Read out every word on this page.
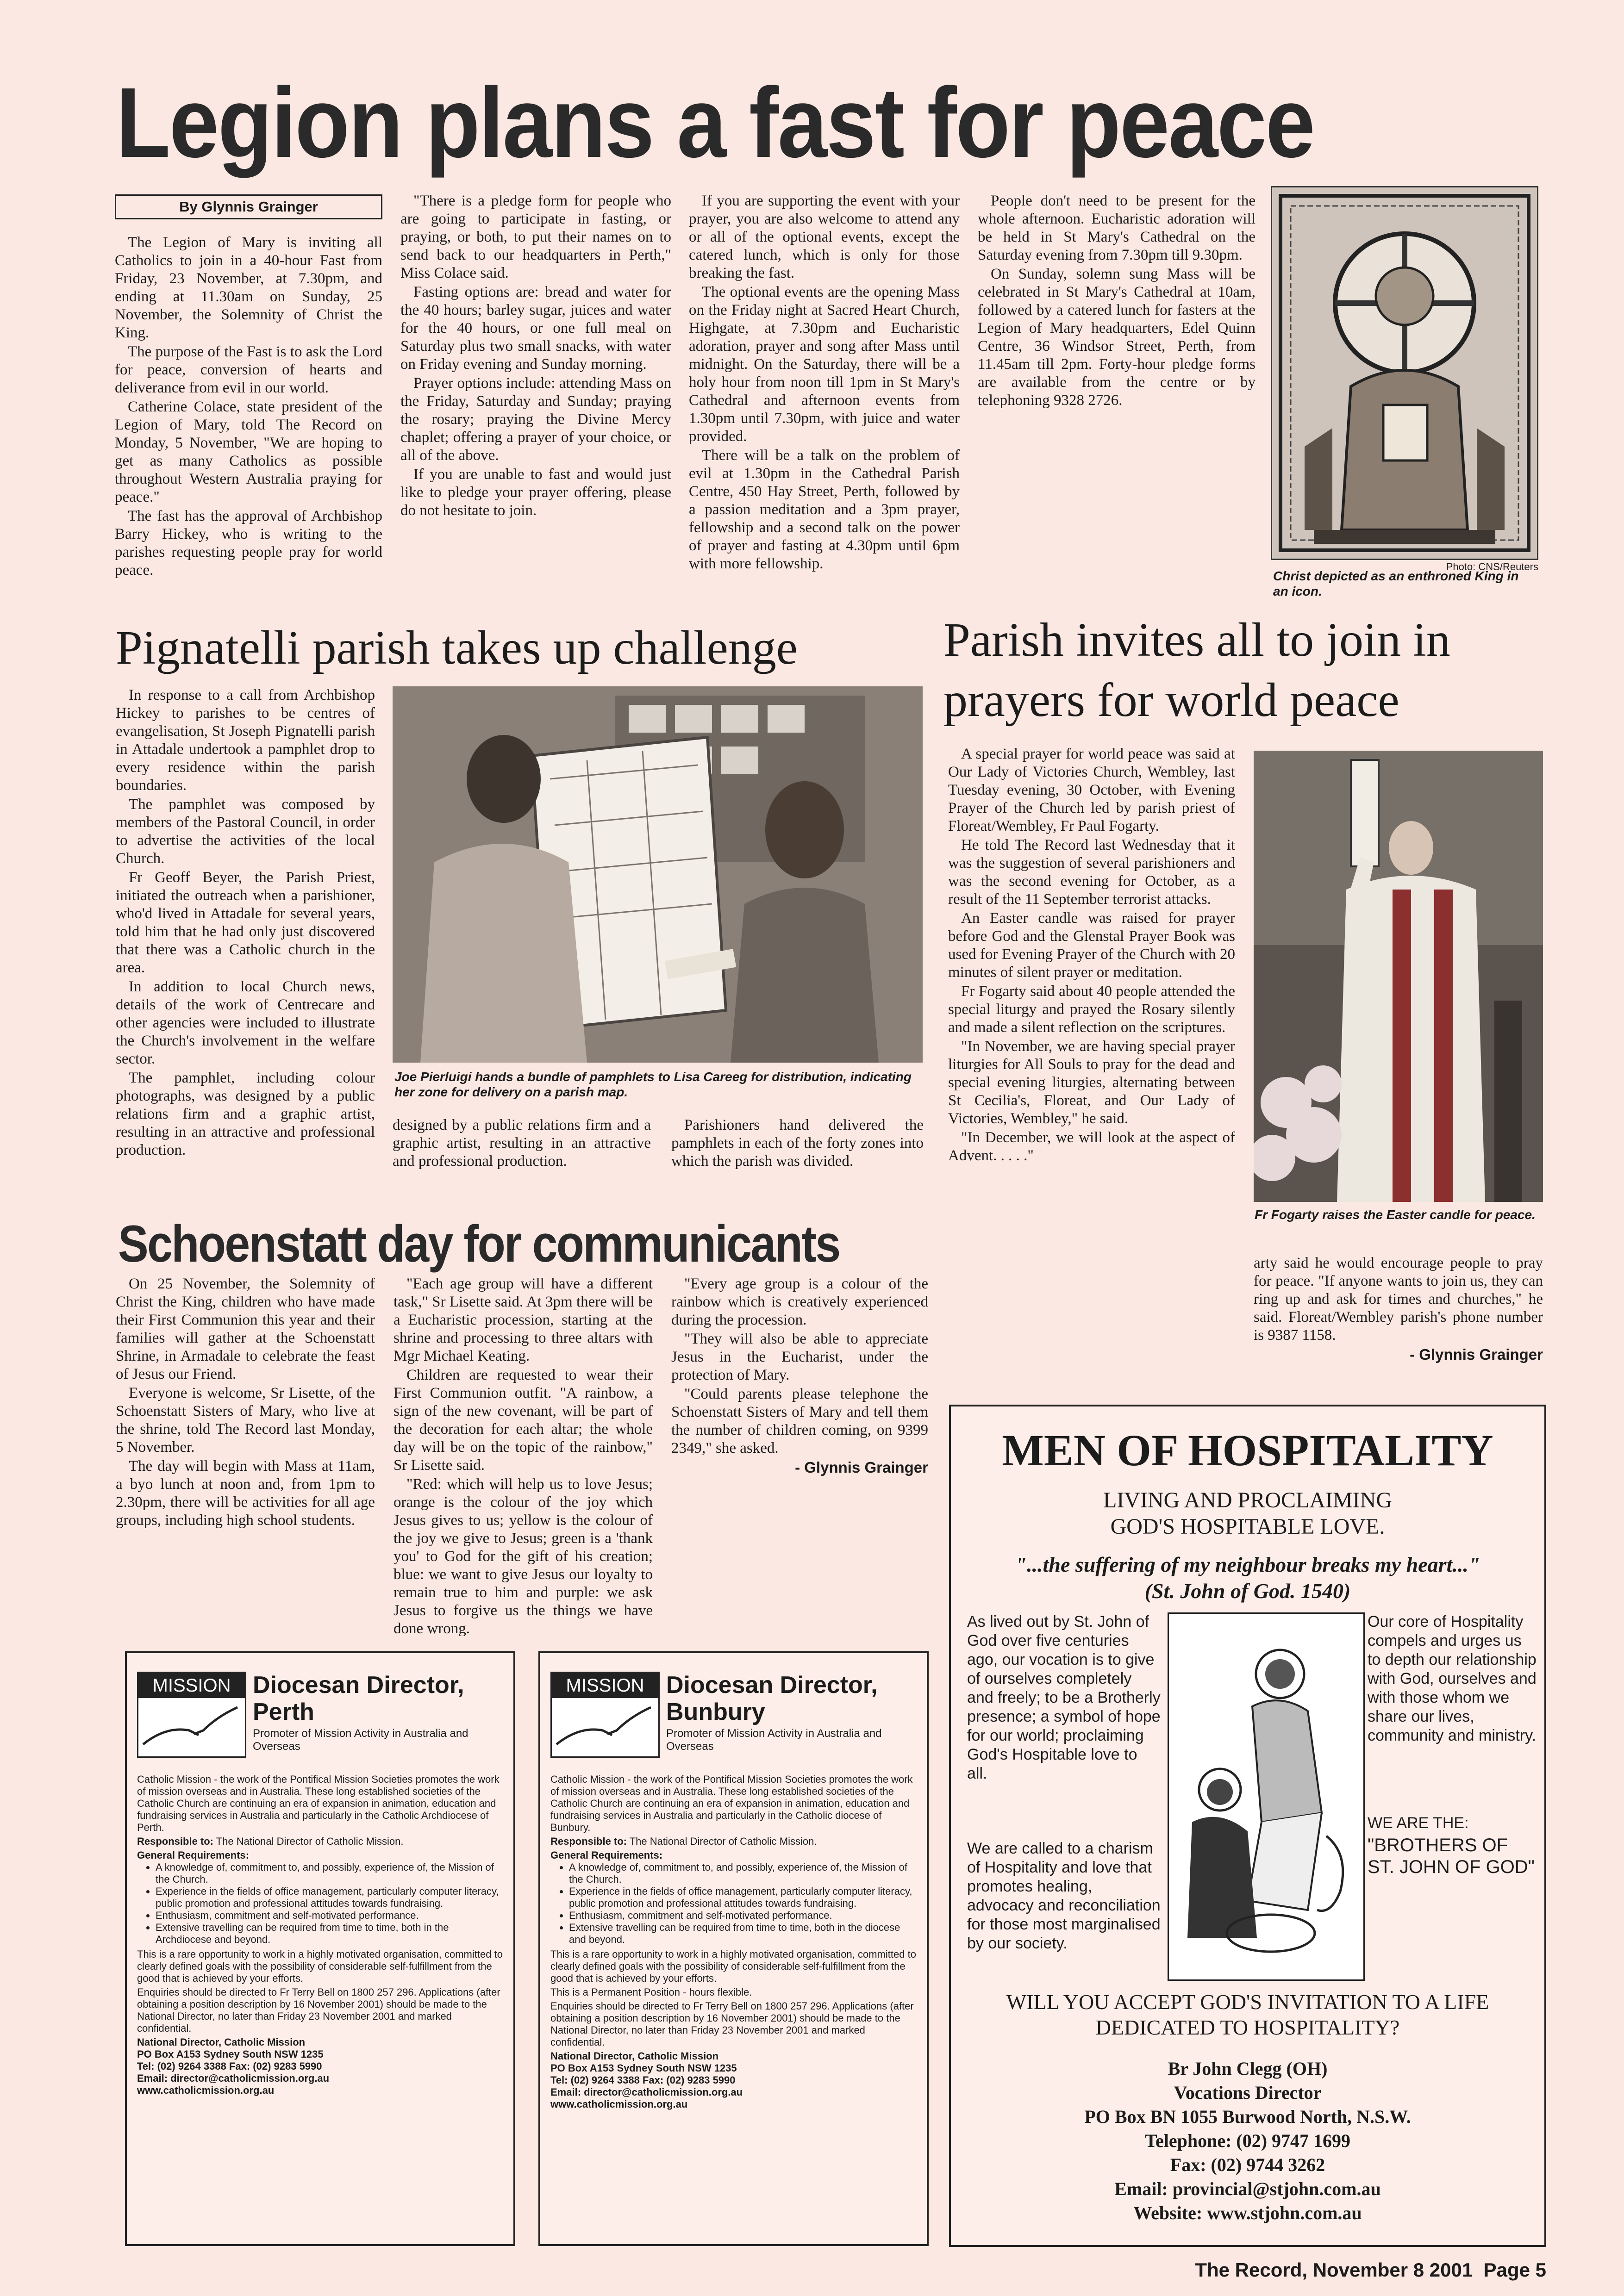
Legion plans a fast for peace
By Glynnis Grainger

The Legion of Mary is inviting all Catholics to join in a 40-hour Fast from Friday, 23 November, at 7.30pm, and ending at 11.30am on Sunday, 25 November, the Solemnity of Christ the King.

The purpose of the Fast is to ask the Lord for peace, conversion of hearts and deliverance from evil in our world.

Catherine Colace, state president of the Legion of Mary, told The Record on Monday, 5 November, "We are hoping to get as many Catholics as possible throughout Western Australia praying for peace."

The fast has the approval of Archbishop Barry Hickey, who is writing to the parishes requesting people pray for world peace.

"There is a pledge form for people who are going to participate in fasting, or praying, or both, to put their names on to send back to our headquarters in Perth," Miss Colace said.

Fasting options are: bread and water for the 40 hours; barley sugar, juices and water for the 40 hours, or one full meal on Saturday plus two small snacks, with water on Friday evening and Sunday morning.

Prayer options include: attending Mass on the Friday, Saturday and Sunday; praying the rosary; praying the Divine Mercy chaplet; offering a prayer of your choice, or all of the above.

If you are unable to fast and would just like to pledge your prayer offering, please do not hesitate to join.

If you are supporting the event with your prayer, you are also welcome to attend any or all of the optional events, except the catered lunch, which is only for those breaking the fast.

The optional events are the opening Mass on the Friday night at Sacred Heart Church, Highgate, at 7.30pm and Eucharistic adoration, prayer and song after Mass until midnight. On the Saturday, there will be a holy hour from noon till 1pm in St Mary's Cathedral and afternoon events from 1.30pm until 7.30pm, with juice and water provided.

There will be a talk on the problem of evil at 1.30pm in the Cathedral Parish Centre, 450 Hay Street, Perth, followed by a passion meditation and a 3pm prayer, fellowship and a second talk on the power of prayer and fasting at 4.30pm until 6pm with more fellowship.

People don't need to be present for the whole afternoon. Eucharistic adoration will be held in St Mary's Cathedral on the Saturday evening from 7.30pm till 9.30pm.

On Sunday, solemn sung Mass will be celebrated in St Mary's Cathedral at 10am, followed by a catered lunch for fasters at the Legion of Mary headquarters, Edel Quinn Centre, 36 Windsor Street, Perth, from 11.45am till 2pm. Forty-hour pledge forms are available from the centre or by telephoning 9328 2726.

Photo: CNS/Reuters
Christ depicted as an enthroned King in an icon.
Pignatelli parish takes up challenge

In response to a call from Archbishop Hickey to parishes to be centres of evangelisation, St Joseph Pignatelli parish in Attadale undertook a pamphlet drop to every residence within the parish boundaries.

The pamphlet was composed by members of the Pastoral Council, in order to advertise the activities of the local Church.

Fr Geoff Beyer, the Parish Priest, initiated the outreach when a parishioner, who'd lived in Attadale for several years, told him that he had only just discovered that there was a Catholic church in the area.

In addition to local Church news, details of the work of Centrecare and other agencies were included to illustrate the Church's involvement in the welfare sector.

The pamphlet, including colour photographs, was designed by a public relations firm and a graphic artist, resulting in an attractive and professional production.

Joe Pierluigi hands a bundle of pamphlets to Lisa Careeg for distribution, indicating her zone for delivery on a parish map.

designed by a public relations firm and a graphic artist, resulting in an attractive and professional production.

Parishioners hand delivered the pamphlets in each of the forty zones into which the parish was divided.

Parish invites all to join in
prayers for world peace

A special prayer for world peace was said at Our Lady of Victories Church, Wembley, last Tuesday evening, 30 October, with Evening Prayer of the Church led by parish priest of Floreat/Wembley, Fr Paul Fogarty.

He told The Record last Wednesday that it was the suggestion of several parishioners and was the second evening for October, as a result of the 11 September terrorist attacks.

An Easter candle was raised for prayer before God and the Glenstal Prayer Book was used for Evening Prayer of the Church with 20 minutes of silent prayer or meditation.

Fr Fogarty said about 40 people attended the special liturgy and prayed the Rosary silently and made a silent reflection on the scriptures.

"In November, we are having special prayer liturgies for All Souls to pray for the dead and special evening liturgies, alternating between St Cecilia's, Floreat, and Our Lady of Victories, Wembley," he said.

"In December, we will look at the aspect of Advent. . . . ."

Fr Fogarty raises the Easter candle for peace.

arty said he would encourage people to pray for peace. "If anyone wants to join us, they can ring up and ask for times and churches," he said. Floreat/Wembley parish's phone number is 9387 1158.

- Glynnis Grainger

Schoenstatt day for communicants

On 25 November, the Solemnity of Christ the King, children who have made their First Communion this year and their families will gather at the Schoenstatt Shrine, in Armadale to celebrate the feast of Jesus our Friend.

Everyone is welcome, Sr Lisette, of the Schoenstatt Sisters of Mary, who live at the shrine, told The Record last Monday, 5 November.

The day will begin with Mass at 11am, a byo lunch at noon and, from 1pm to 2.30pm, there will be activities for all age groups, including high school students.

"Each age group will have a different task," Sr Lisette said. At 3pm there will be a Eucharistic procession, starting at the shrine and processing to three altars with Mgr Michael Keating.

Children are requested to wear their First Communion outfit. "A rainbow, a sign of the new covenant, will be part of the decoration for each altar; the whole day will be on the topic of the rainbow," Sr Lisette said.

"Red: which will help us to love Jesus; orange is the colour of the joy which Jesus gives to us; yellow is the colour of the joy we give to Jesus; green is a 'thank you' to God for the gift of his creation; blue: we want to give Jesus our loyalty to remain true to him and purple: we ask Jesus to forgive us the things we have done wrong.

"Every age group is a colour of the rainbow which is creatively experienced during the procession.

"They will also be able to appreciate Jesus in the Eucharist, under the protection of Mary.

"Could parents please telephone the Schoenstatt Sisters of Mary and tell them the number of children coming, on 9399 2349," she asked.

- Glynnis Grainger

MISSION Diocesan Director, Perth
Promoter of Mission Activity in Australia and Overseas

Catholic Mission - the work of the Pontifical Mission Societies promotes the work of mission overseas and in Australia. These long established societies of the Catholic Church are continuing an era of expansion in animation, education and fundraising services in Australia and particularly in the Catholic Archdiocese of Perth.

Responsible to: The National Director of Catholic Mission.

General Requirements:

• A knowledge of, commitment to, and possibly, experience of, the Mission of the Church.
• Experience in the fields of office management, particularly computer literacy, public promotion and professional attitudes towards fundraising.
• Enthusiasm, commitment and self-motivated performance.
• Extensive travelling can be required from time to time, both in the Archdiocese and beyond.

This is a rare opportunity to work in a highly motivated organisation, committed to clearly defined goals with the possibility of considerable self-fulfillment from the good that is achieved by your efforts.

Enquiries should be directed to Fr Terry Bell on 1800 257 296. Applications (after obtaining a position description by 16 November 2001) should be made to the National Director, no later than Friday 23 November 2001 and marked confidential.

National Director, Catholic Mission
PO Box A153 Sydney South NSW 1235
Tel: (02) 9264 3388 Fax: (02) 9283 5990
Email: director@catholicmission.org.au
www.catholicmission.org.au

MISSION Diocesan Director, Bunbury
Promoter of Mission Activity in Australia and Overseas

Catholic Mission - the work of the Pontifical Mission Societies promotes the work of mission overseas and in Australia. These long established societies of the Catholic Church are continuing an era of expansion in animation, education and fundraising services in Australia and particularly in the Catholic diocese of Bunbury.

Responsible to: The National Director of Catholic Mission.

General Requirements:

• A knowledge of, commitment to, and possibly, experience of, the Mission of the Church.
• Experience in the fields of office management, particularly computer literacy, public promotion and professional attitudes towards fundraising.
• Enthusiasm, commitment and self-motivated performance.
• Extensive travelling can be required from time to time, both in the diocese and beyond.

This is a rare opportunity to work in a highly motivated organisation, committed to clearly defined goals with the possibility of considerable self-fulfillment from the good that is achieved by your efforts.

This is a Permanent Position - hours flexible.

Enquiries should be directed to Fr Terry Bell on 1800 257 296. Applications (after obtaining a position description by 16 November 2001) should be made to the National Director, no later than Friday 23 November 2001 and marked confidential.

National Director, Catholic Mission
PO Box A153 Sydney South NSW 1235
Tel: (02) 9264 3388 Fax: (02) 9283 5990
Email: director@catholicmission.org.au
www.catholicmission.org.au

MEN OF HOSPITALITY
LIVING AND PROCLAIMING
GOD'S HOSPITABLE LOVE.
"...the suffering of my neighbour breaks my heart..."
(St. John of God. 1540)
As lived out by St. John of God over five centuries ago, our vocation is to give of ourselves completely and freely; to be a Brotherly presence; a symbol of hope for our world; proclaiming God's Hospitable love to all.
We are called to a charism of Hospitality and love that promotes healing, advocacy and reconciliation for those most marginalised by our society.
Our core of Hospitality compels and urges us to depth our relationship with God, ourselves and with those whom we share our lives, community and ministry.
WE ARE THE:
"BROTHERS OF ST. JOHN OF GOD"
WILL YOU ACCEPT GOD'S INVITATION TO A LIFE
DEDICATED TO HOSPITALITY?
Br John Clegg (OH)
Vocations Director
PO Box BN 1055 Burwood North, N.S.W.
Telephone: (02) 9747 1699
Fax: (02) 9744 3262
Email: provincial@stjohn.com.au
Website: www.stjohn.com.au
The Record, November 8 2001 Page 5
